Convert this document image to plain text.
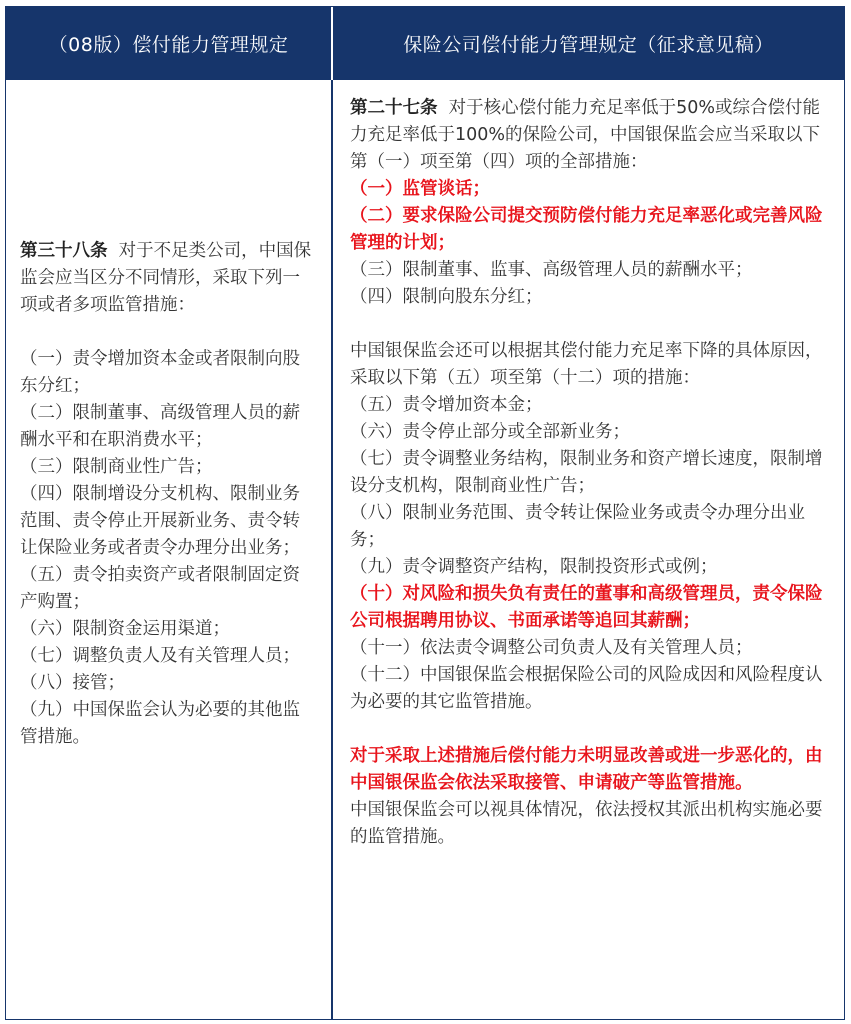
（08版）偿付能力管理规定	保险公司偿付能力管理规定（征求意见稿）

第三十八条 对于不足类公司，中国保监会应当区分不同情形，采取下列一项或者多项监管措施：

（一）责令增加资本金或者限制向股东分红；

（二）限制董事、高级管理人员的薪酬水平和在职消费水平；

（三）限制商业性广告；

（四）限制增设分支机构、限制业务范围、责令停止开展新业务、责令转让保险业务或者责令办理分出业务；

（五）责令拍卖资产或者限制固定资产购置；

（六）限制资金运用渠道；

（七）调整负责人及有关管理人员；

（八）接管；

（九）中国保监会认为必要的其他监管措施。

第二十七条 对于核心偿付能力充足率低于50%或综合偿付能力充足率低于100%的保险公司，中国银保监会应当采取以下第（一）项至第（四）项的全部措施：

（一）监管谈话；

（二）要求保险公司提交预防偿付能力充足率恶化或完善风险管理的计划；

（三）限制董事、监事、高级管理人员的薪酬水平；

（四）限制向股东分红；

中国银保监会还可以根据其偿付能力充足率下降的具体原因，采取以下第（五）项至第（十二）项的措施：

（五）责令增加资本金；

（六）责令停止部分或全部新业务；

（七）责令调整业务结构，限制业务和资产增长速度，限制增设分支机构，限制商业性广告；

（八）限制业务范围、责令转让保险业务或责令办理分出业务；

（九）责令调整资产结构，限制投资形式或例；

（十）对风险和损失负有责任的董事和高级管理员，责令保险公司根据聘用协议、书面承诺等追回其薪酬；

（十一）依法责令调整公司负责人及有关管理人员；

（十二）中国银保监会根据保险公司的风险成因和风险程度认为必要的其它监管措施。

对于采取上述措施后偿付能力未明显改善或进一步恶化的，由中国银保监会依法采取接管、申请破产等监管措施。

中国银保监会可以视具体情况，依法授权其派出机构实施必要的监管措施。
